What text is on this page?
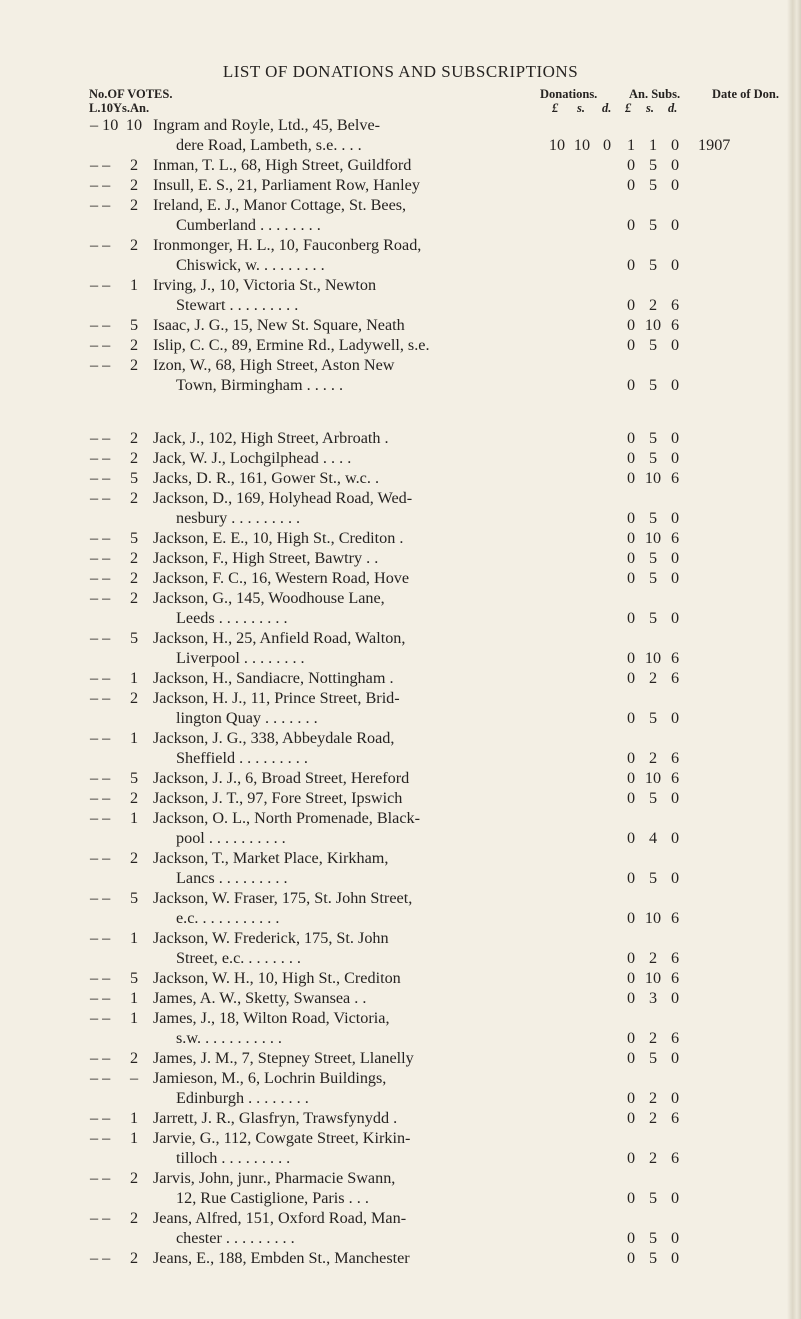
LIST OF DONATIONS AND SUBSCRIPTIONS
No.OF VOTES.
L.10Ys.An.
Donations.	An. Subs.	Date of Don.
£ s. d. £ s. d.
– 10 10 Ingram and Royle, Ltd., 45, Belve-
dere Road, Lambeth, s.e. . . .	10 10 0 1 1 0	1907
– –	2 Inman, T. L., 68, High Street, Guildford	0 5 0
– –	2 Insull, E. S., 21, Parliament Row, Hanley	0 5 0
– –	2 Ireland, E. J., Manor Cottage, St. Bees,
Cumberland . . . . . . . .	0 5 0
– –	2 Ironmonger, H. L., 10, Fauconberg Road,
Chiswick, w. . . . . . . . .	0 5 0
– –	1 Irving, J., 10, Victoria St., Newton
Stewart . . . . . . . . .	0 2 6
– –	5 Isaac, J. G., 15, New St. Square, Neath	0 10 6
– –	2 Islip, C. C., 89, Ermine Rd., Ladywell, s.e.	0 5 0
– –	2 Izon, W., 68, High Street, Aston New
Town, Birmingham . . . . .	0 5 0
– –	2 Jack, J., 102, High Street, Arbroath .	0 5 0
– –	2 Jack, W. J., Lochgilphead . . . .	0 5 0
– –	5 Jacks, D. R., 161, Gower St., w.c. .	0 10 6
– –	2 Jackson, D., 169, Holyhead Road, Wed-
nesbury . . . . . . . . .	0 5 0
– –	5 Jackson, E. E., 10, High St., Crediton .	0 10 6
– –	2 Jackson, F., High Street, Bawtry . .	0 5 0
– –	2 Jackson, F. C., 16, Western Road, Hove	0 5 0
– –	2 Jackson, G., 145, Woodhouse Lane,
Leeds . . . . . . . . .	0 5 0
– –	5 Jackson, H., 25, Anfield Road, Walton,
Liverpool . . . . . . . .	0 10 6
– –	1 Jackson, H., Sandiacre, Nottingham .	0 2 6
– –	2 Jackson, H. J., 11, Prince Street, Brid-
lington Quay . . . . . . .	0 5 0
– –	1 Jackson, J. G., 338, Abbeydale Road,
Sheffield . . . . . . . . .	0 2 6
– –	5 Jackson, J. J., 6, Broad Street, Hereford	0 10 6
– –	2 Jackson, J. T., 97, Fore Street, Ipswich	0 5 0
– –	1 Jackson, O. L., North Promenade, Black-
pool . . . . . . . . . .	0 4 0
– –	2 Jackson, T., Market Place, Kirkham,
Lancs . . . . . . . . .	0 5 0
– –	5 Jackson, W. Fraser, 175, St. John Street,
e.c. . . . . . . . . . .	0 10 6
– –	1 Jackson, W. Frederick, 175, St. John
Street, e.c. . . . . . . .	0 2 6
– –	5 Jackson, W. H., 10, High St., Crediton	0 10 6
– –	1 James, A. W., Sketty, Swansea . .	0 3 0
– –	1 James, J., 18, Wilton Road, Victoria,
s.w. . . . . . . . . . .	0 2 6
– –	2 James, J. M., 7, Stepney Street, Llanelly	0 5 0
– –	– Jamieson, M., 6, Lochrin Buildings,
Edinburgh . . . . . . . .	0 2 0
– –	1 Jarrett, J. R., Glasfryn, Trawsfynydd .	0 2 6
– –	1 Jarvie, G., 112, Cowgate Street, Kirkin-
tilloch . . . . . . . . .	0 2 6
– –	2 Jarvis, John, junr., Pharmacie Swann,
12, Rue Castiglione, Paris . . .	0 5 0
– –	2 Jeans, Alfred, 151, Oxford Road, Man-
chester . . . . . . . . .	0 5 0
– –	2 Jeans, E., 188, Embden St., Manchester	0 5 0
